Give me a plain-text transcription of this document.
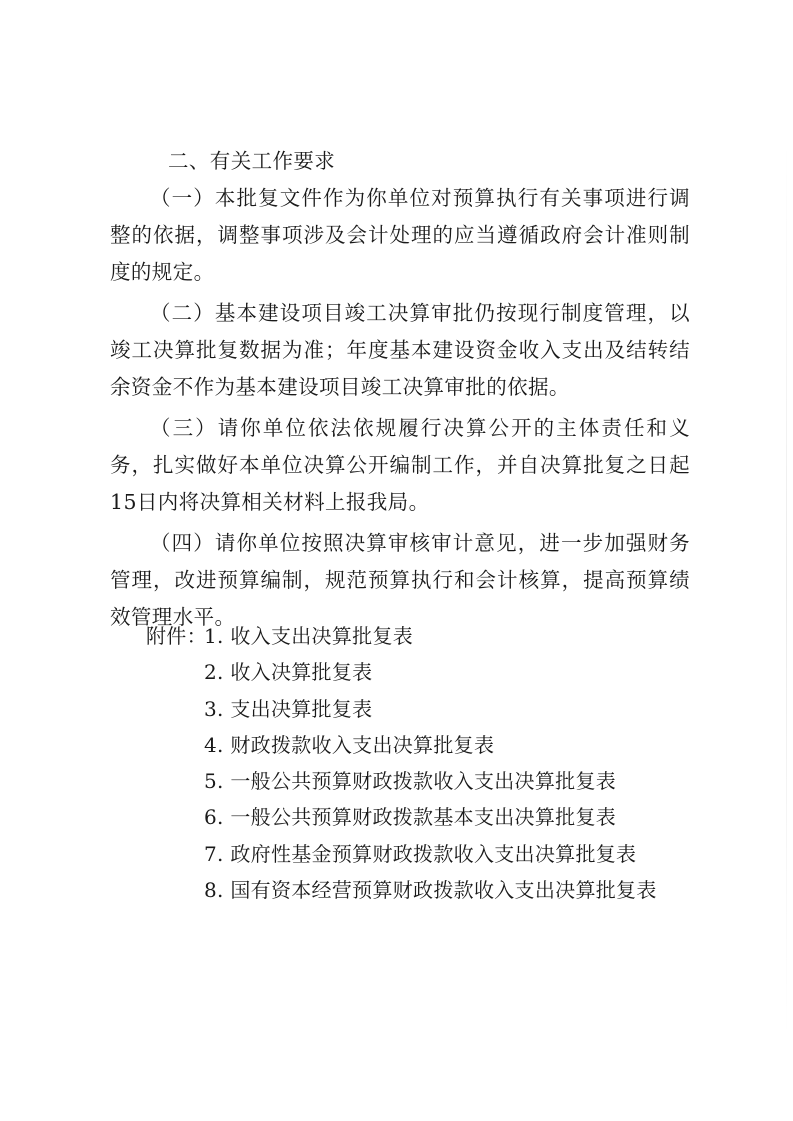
二、有关工作要求

（一）本批复文件作为你单位对预算执行有关事项进行调整的依据，调整事项涉及会计处理的应当遵循政府会计准则制度的规定。

（二）基本建设项目竣工决算审批仍按现行制度管理，以竣工决算批复数据为准；年度基本建设资金收入支出及结转结余资金不作为基本建设项目竣工决算审批的依据。

（三）请你单位依法依规履行决算公开的主体责任和义务，扎实做好本单位决算公开编制工作，并自决算批复之日起15日内将决算相关材料上报我局。

（四）请你单位按照决算审核审计意见，进一步加强财务管理，改进预算编制，规范预算执行和会计核算，提高预算绩效管理水平。

附件：
1. 收入支出决算批复表
2. 收入决算批复表
3. 支出决算批复表
4. 财政拨款收入支出决算批复表
5. 一般公共预算财政拨款收入支出决算批复表
6. 一般公共预算财政拨款基本支出决算批复表
7. 政府性基金预算财政拨款收入支出决算批复表
8. 国有资本经营预算财政拨款收入支出决算批复表
